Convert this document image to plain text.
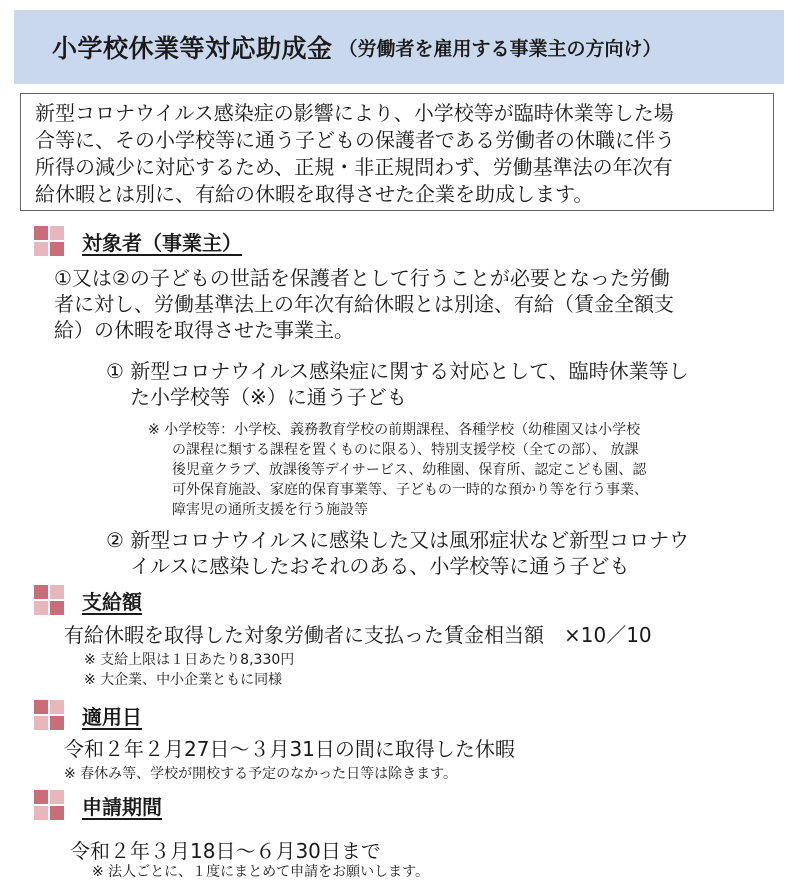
小学校休業等対応助成金 （労働者を雇用する事業主の方向け）
新型コロナウイルス感染症の影響により、小学校等が臨時休業等した場
合等に、その小学校等に通う子どもの保護者である労働者の休職に伴う
所得の減少に対応するため、正規・非正規問わず、労働基準法の年次有
給休暇とは別に、有給の休暇を取得させた企業を助成します。
対象者（事業主）
①又は②の子どもの世話を保護者として行うことが必要となった労働
者に対し、労働基準法上の年次有給休暇とは別途、有給（賃金全額支
給）の休暇を取得させた事業主。
① 新型コロナウイルス感染症に関する対応として、臨時休業等し
た小学校等（※）に通う子ども
※ 小学校等：小学校、義務教育学校の前期課程、各種学校（幼稚園又は小学校
の課程に類する課程を置くものに限る）、特別支援学校（全ての部）、 放課
後児童クラブ、放課後等デイサービス、幼稚園、保育所、認定こども園、認
可外保育施設、家庭的保育事業等、子どもの一時的な預かり等を行う事業、
障害児の通所支援を行う施設等
② 新型コロナウイルスに感染した又は風邪症状など新型コロナウ
イルスに感染したおそれのある、小学校等に通う子ども
支給額
有給休暇を取得した対象労働者に支払った賃金相当額　×10／10
※ 支給上限は１日あたり8,330円
※ 大企業、中小企業ともに同様
適用日
令和２年２月27日～３月31日の間に取得した休暇
※ 春休み等、学校が開校する予定のなかった日等は除きます。
申請期間
令和２年３月18日～６月30日まで
※ 法人ごとに、１度にまとめて申請をお願いします。
